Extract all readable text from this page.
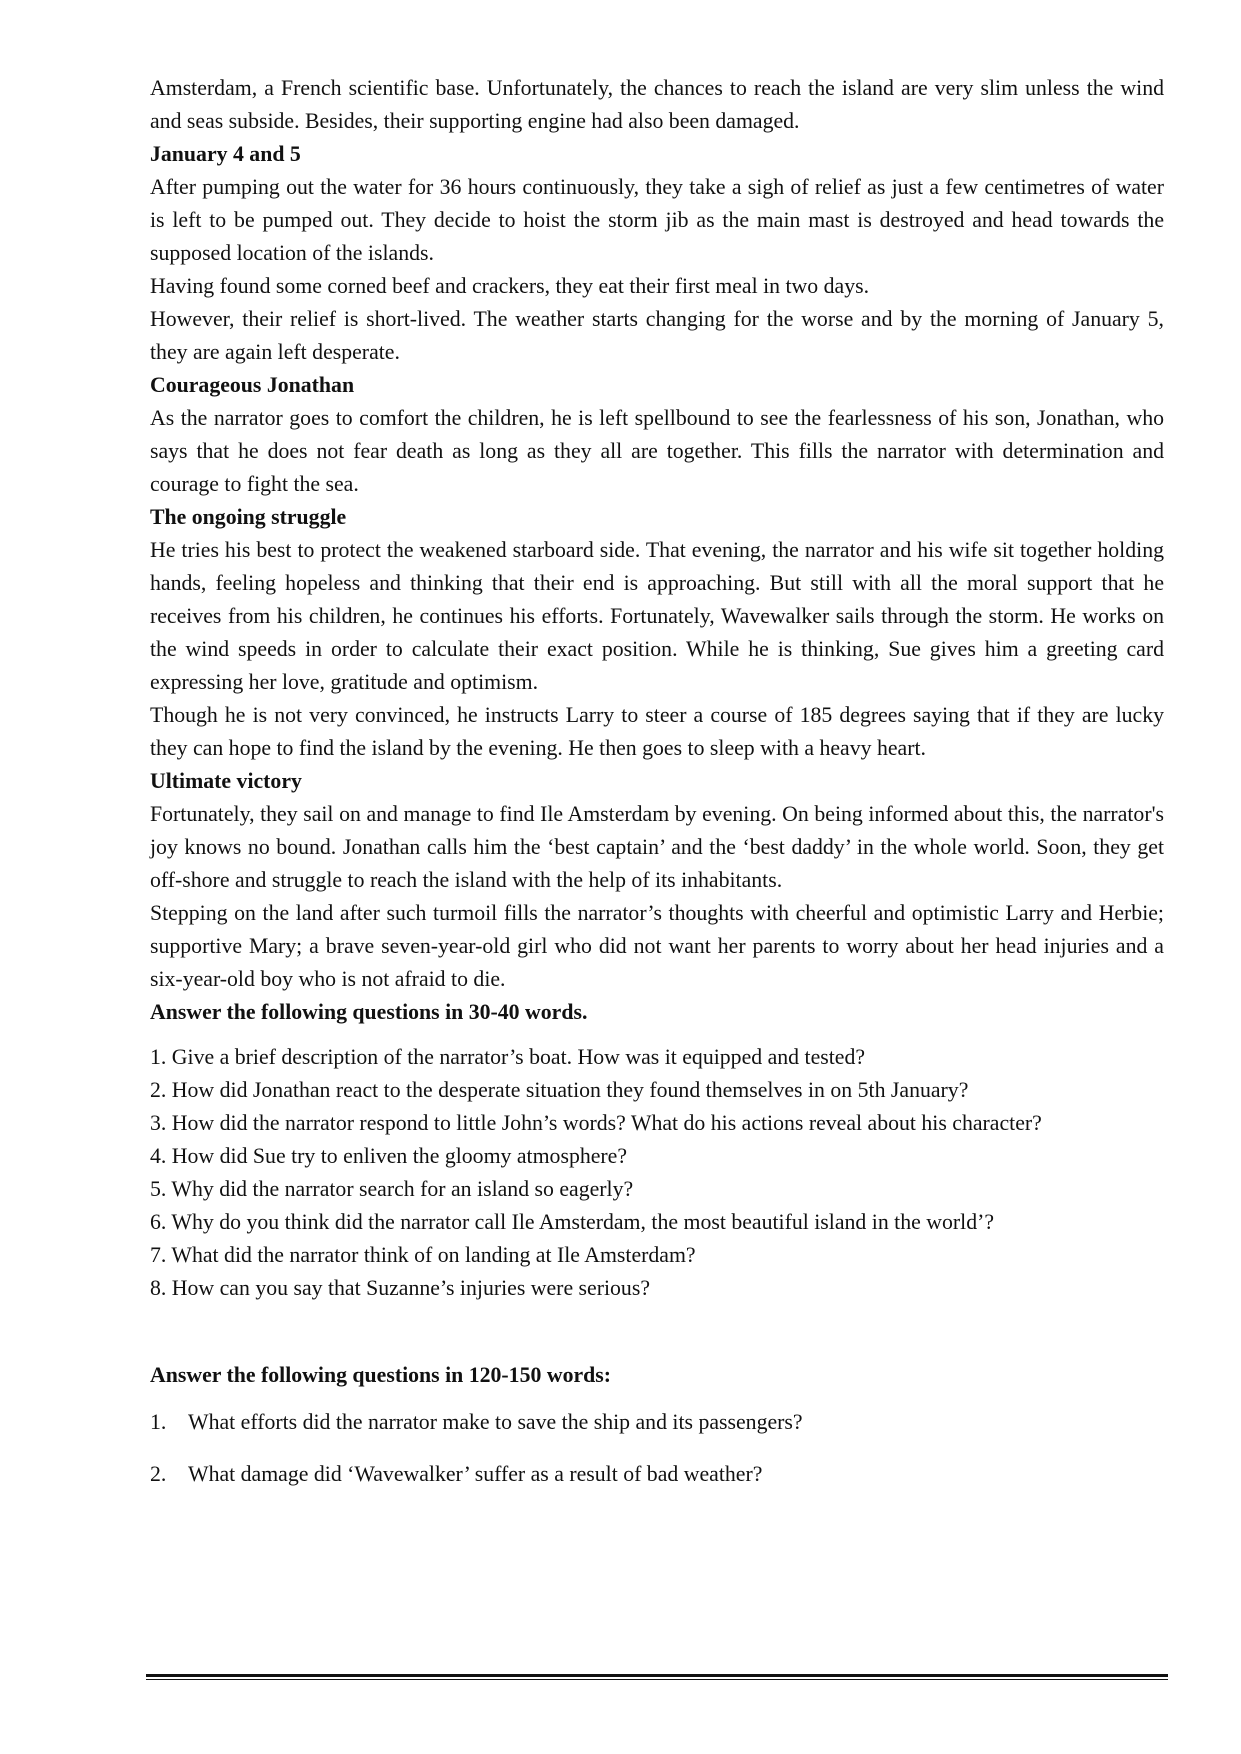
Amsterdam, a French scientific base. Unfortunately, the chances to reach the island are very slim unless the wind and seas subside. Besides, their supporting engine had also been damaged.

January 4 and 5

After pumping out the water for 36 hours continuously, they take a sigh of relief as just a few centimetres of water is left to be pumped out. They decide to hoist the storm jib as the main mast is destroyed and head towards the supposed location of the islands.

Having found some corned beef and crackers, they eat their first meal in two days.

However, their relief is short-lived. The weather starts changing for the worse and by the morning of January 5, they are again left desperate.

Courageous Jonathan

As the narrator goes to comfort the children, he is left spellbound to see the fearlessness of his son, Jonathan, who says that he does not fear death as long as they all are together. This fills the narrator with determination and courage to fight the sea.

The ongoing struggle

He tries his best to protect the weakened starboard side. That evening, the narrator and his wife sit together holding hands, feeling hopeless and thinking that their end is approaching. But still with all the moral support that he receives from his children, he continues his efforts. Fortunately, Wavewalker sails through the storm. He works on the wind speeds in order to calculate their exact position. While he is thinking, Sue gives him a greeting card expressing her love, gratitude and optimism.

Though he is not very convinced, he instructs Larry to steer a course of 185 degrees saying that if they are lucky they can hope to find the island by the evening. He then goes to sleep with a heavy heart.

Ultimate victory

Fortunately, they sail on and manage to find Ile Amsterdam by evening. On being informed about this, the narrator's joy knows no bound. Jonathan calls him the ‘best captain’ and the ‘best daddy’ in the whole world. Soon, they get off-shore and struggle to reach the island with the help of its inhabitants.

Stepping on the land after such turmoil fills the narrator’s thoughts with cheerful and optimistic Larry and Herbie; supportive Mary; a brave seven-year-old girl who did not want her parents to worry about her head injuries and a six-year-old boy who is not afraid to die.

Answer the following questions in 30-40 words.
1. Give a brief description of the narrator’s boat. How was it equipped and tested?
2. How did Jonathan react to the desperate situation they found themselves in on 5th January?
3. How did the narrator respond to little John’s words? What do his actions reveal about his character?
4. How did Sue try to enliven the gloomy atmosphere?
5. Why did the narrator search for an island so eagerly?
6. Why do you think did the narrator call Ile Amsterdam, the most beautiful island in the world’?
7. What did the narrator think of on landing at Ile Amsterdam?
8. How can you say that Suzanne’s injuries were serious?
Answer the following questions in 120-150 words:
1. What efforts did the narrator make to save the ship and its passengers?
2. What damage did ‘Wavewalker’ suffer as a result of bad weather?
